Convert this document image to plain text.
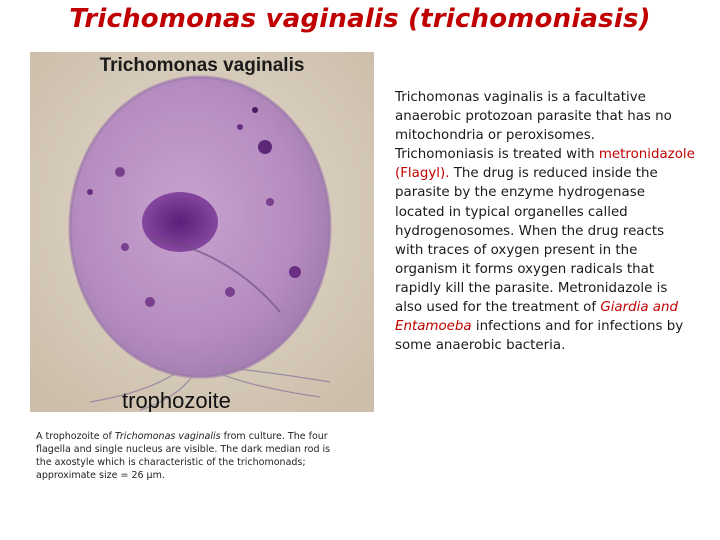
Trichomonas vaginalis (trichomoniasis)
Trichomonas vaginalis
trophozoite
A trophozoite of Trichomonas vaginalis from culture. The four flagella and single nucleus are visible. The dark median rod is the axostyle which is characteristic of the trichomonads; approximate size = 26 µm.
Trichomonas vaginalis is a facultative anaerobic protozoan parasite that has no mitochondria or peroxisomes. Trichomoniasis is treated with metronidazole (Flagyl). The drug is reduced inside the parasite by the enzyme hydrogenase located in typical organelles called hydrogenosomes. When the drug reacts with traces of oxygen present in the organism it forms oxygen radicals that rapidly kill the parasite. Metronidazole is also used for the treatment of Giardia and Entamoeba infections and for infections by some anaerobic bacteria.
